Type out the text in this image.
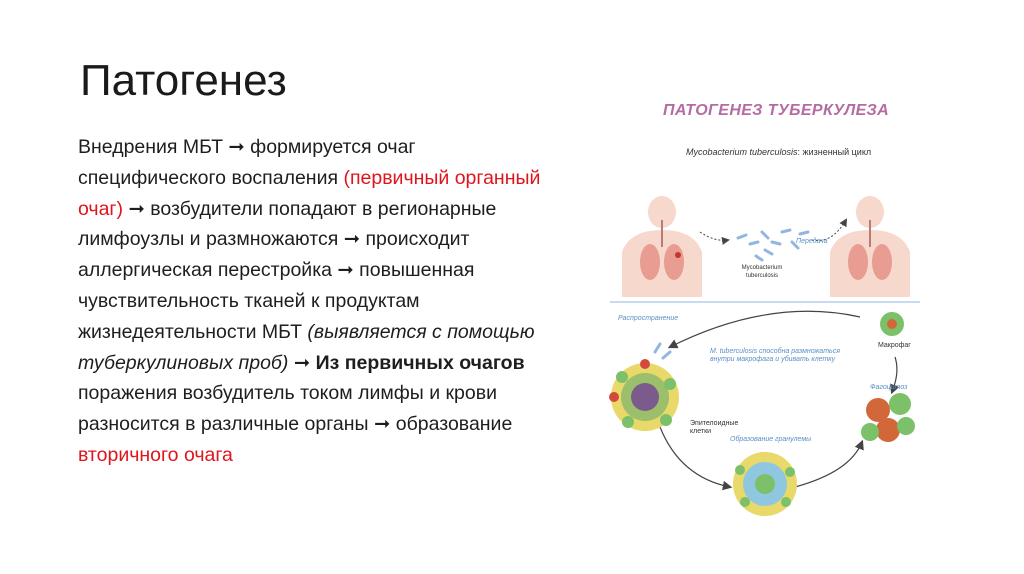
Патогенез

Внедрения МБТ ➞ формируется очаг специфического воспаления (первичный органный очаг) ➞ возбудители попадают в регионарные лимфоузлы и размножаются ➞ происходит аллергическая перестройка ➞ повышенная чувствительность тканей к продуктам жизнедеятельности МБТ (выявляется с помощью туберкулиновых проб) ➞ Из первичных очагов поражения возбудитель током лимфы и крови разносится в различные органы ➞ образование вторичного очага

ПАТОГЕНЕЗ ТУБЕРКУЛЕЗА
Mycobacterium tuberculosis: жизненный цикл
Mycobacterium tuberculosis
Передача
Распространение
M. tuberculosis способна размножаться внутри макрофага и убивать клетку
Макрофаг
Фагоцитоз
Эпителоидные клетки
Образование гранулемы
